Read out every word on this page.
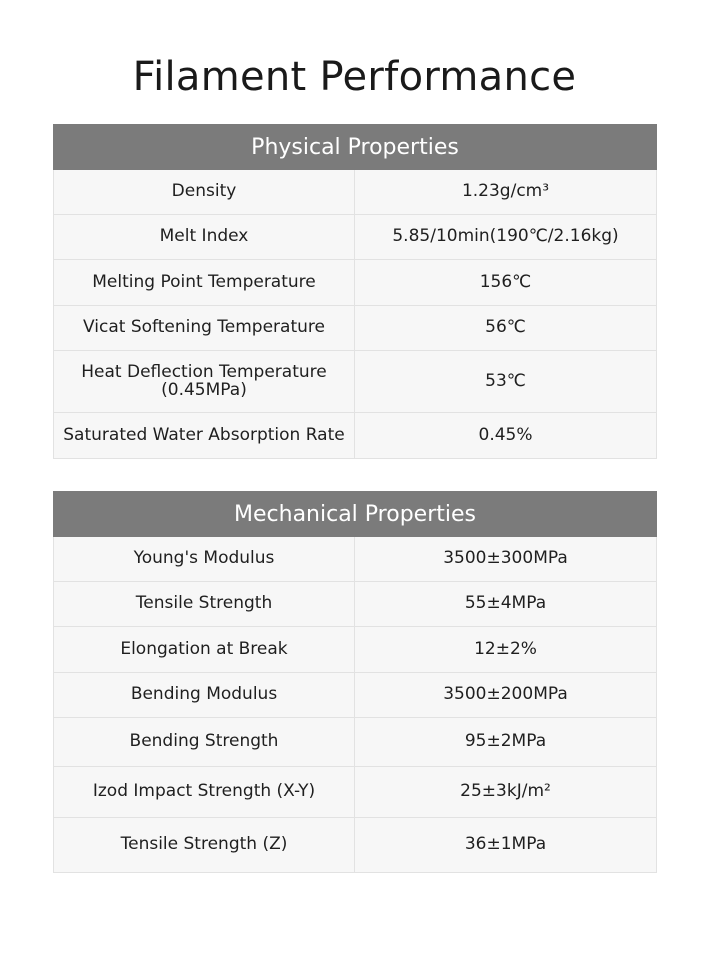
Filament Performance
Physical Properties	
Density	1.23g/cm³
Melt Index	5.85/10min(190℃/2.16kg)
Melting Point Temperature	156℃
Vicat Softening Temperature	56℃
Heat Deflection Temperature (0.45MPa)	53℃
Saturated Water Absorption Rate	0.45%
Mechanical Properties	
Young's Modulus	3500±300MPa
Tensile Strength	55±4MPa
Elongation at Break	12±2%
Bending Modulus	3500±200MPa
Bending Strength	95±2MPa
Izod Impact Strength (X-Y)	25±3kJ/m²
Tensile Strength (Z)	36±1MPa
